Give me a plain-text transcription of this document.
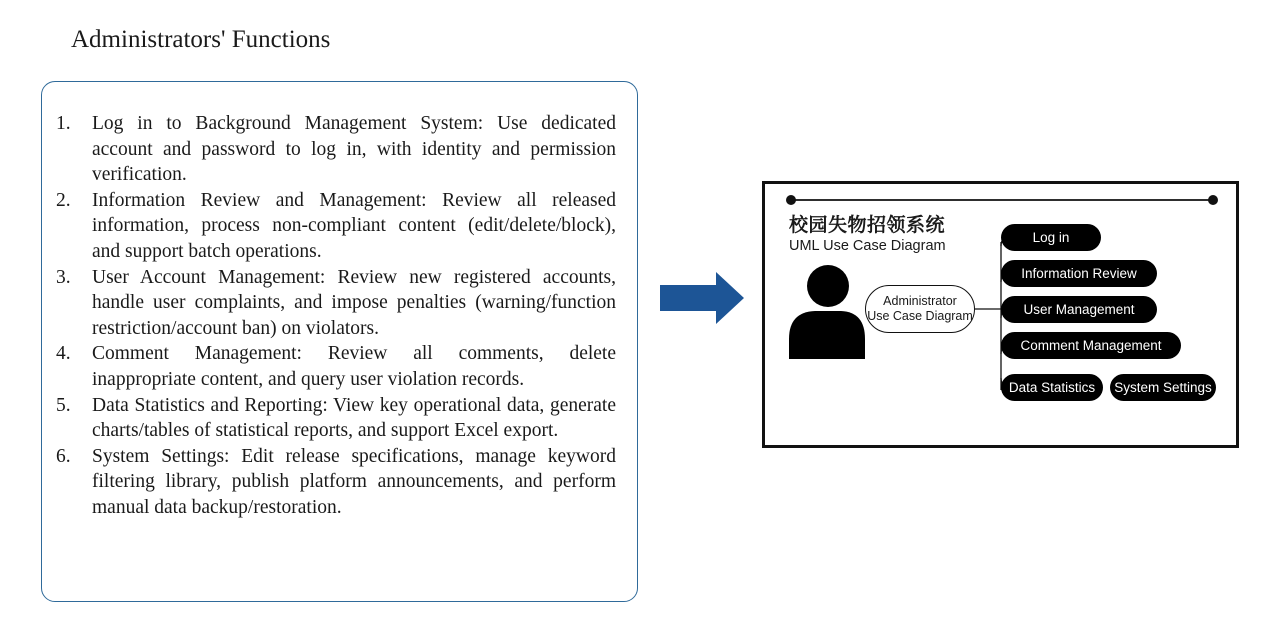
Administrators' Functions
1. Log in to Background Management System: Use dedicated account and password to log in, with identity and permission verification.
2. Information Review and Management: Review all released information, process non-compliant content (edit/delete/block), and support batch operations.
3. User Account Management: Review new registered accounts, handle user complaints, and impose penalties (warning/function restriction/account ban) on violators.
4. Comment Management: Review all comments, delete inappropriate content, and query user violation records.
5. Data Statistics and Reporting: View key operational data, generate charts/tables of statistical reports, and support Excel export.
6. System Settings: Edit release specifications, manage keyword filtering library, publish platform announcements, and perform manual data backup/restoration.
校园失物招领系统
UML Use Case Diagram
Administrator
Use Case Diagram
Log in
Information Review
User Management
Comment Management
Data Statistics	System Settings
